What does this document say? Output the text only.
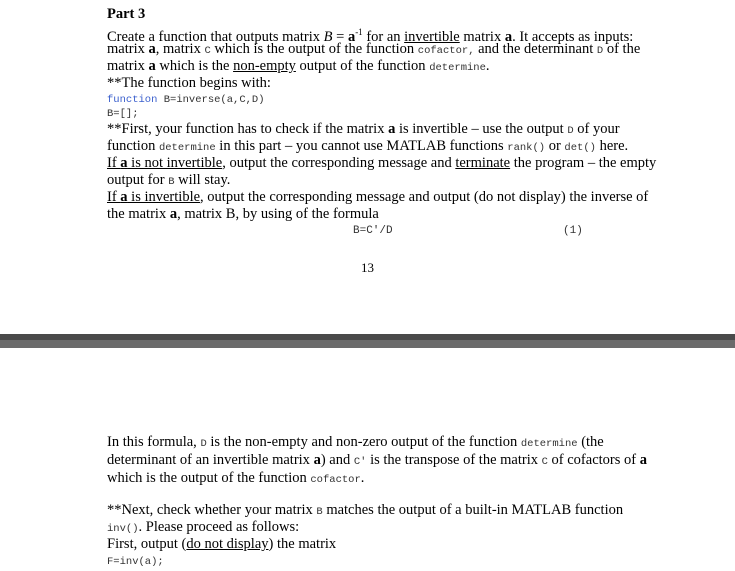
Part 3
Create a function that outputs matrix $B = a^{-1}$ for an invertible matrix a. It accepts as inputs:
matrix a, matrix C which is the output of the function cofactor, and the determinant D of the
matrix a which is the non-empty output of the function determine.
**The function begins with:
function B=inverse(a,C,D)
B=[];
**First, your function has to check if the matrix a is invertible – use the output D of your
function determine in this part – you cannot use MATLAB functions rank() or det() here.
If a is not invertible, output the corresponding message and terminate the program – the empty
output for B will stay.
If a is invertible, output the corresponding message and output (do not display) the inverse of
the matrix a, matrix B, by using of the formula
B=C'/D	(1)
13
In this formula, D is the non-empty and non-zero output of the function determine (the
determinant of an invertible matrix a) and C' is the transpose of the matrix C of cofactors of a
which is the output of the function cofactor.
**Next, check whether your matrix B matches the output of a built-in MATLAB function
inv(). Please proceed as follows:
First, output (do not display) the matrix
F=inv(a);
